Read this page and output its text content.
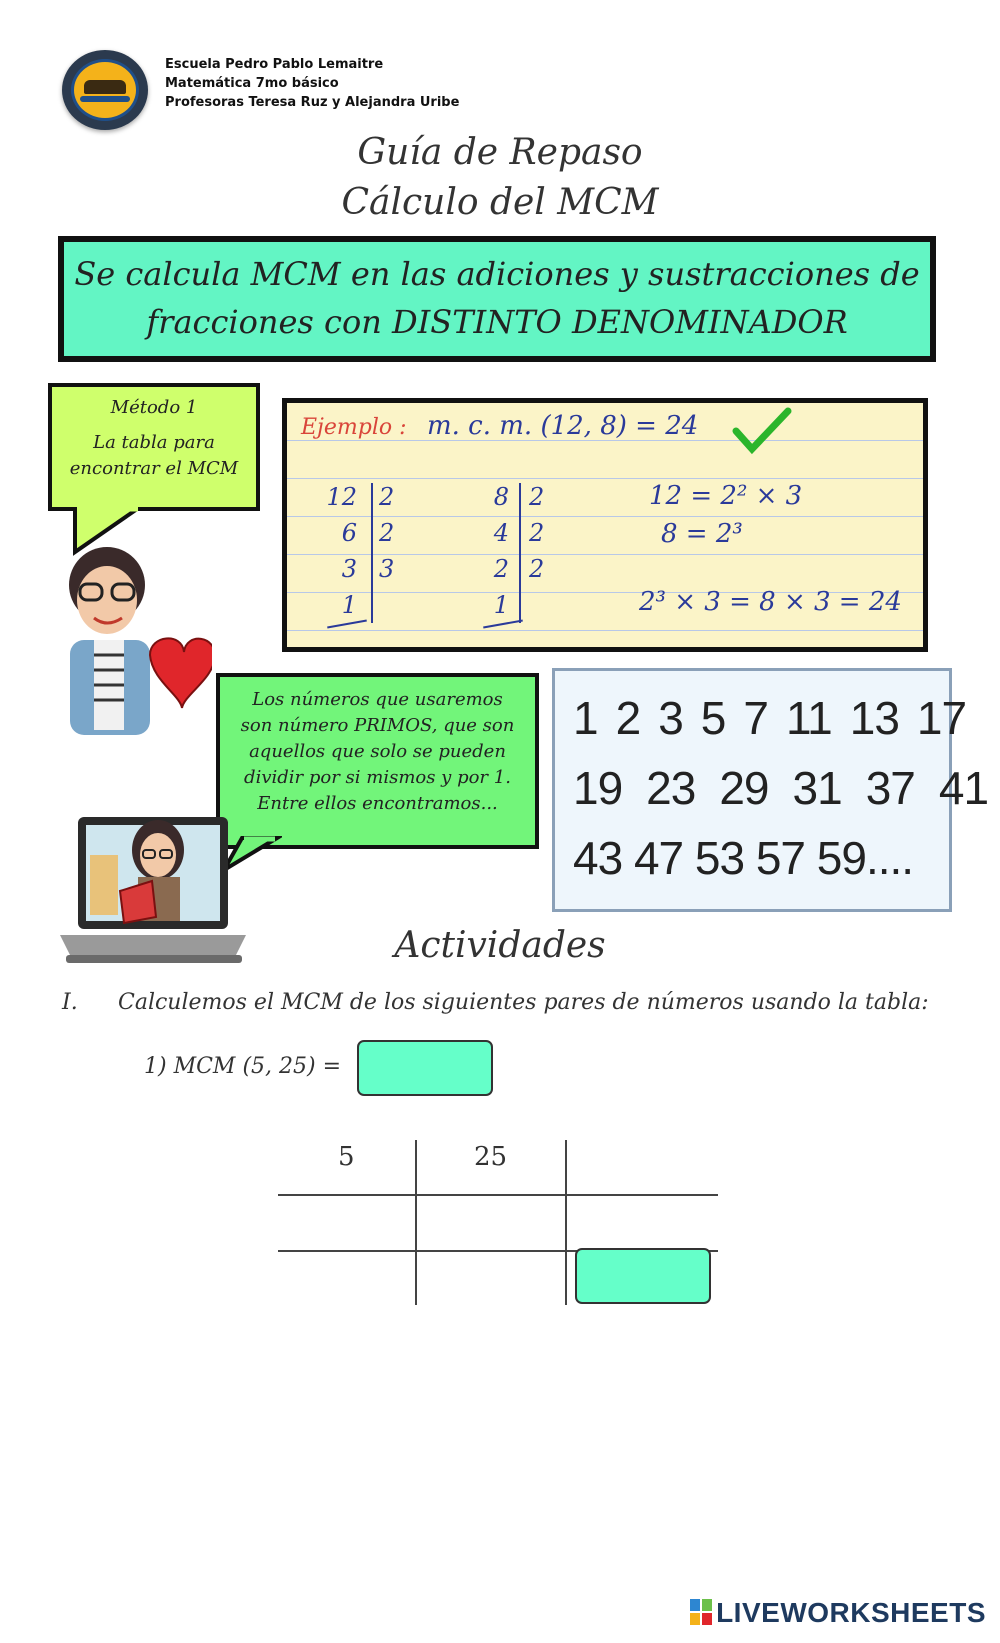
Escuela Pedro Pablo Lemaitre
Matemática 7mo básico
Profesoras Teresa Ruz y Alejandra Uribe
Guía de Repaso
Cálculo del MCM
Se calcula MCM en las adiciones y sustracciones de
fracciones con DISTINTO DENOMINADOR
Método 1
La tabla para
encontrar el MCM
Ejemplo : m. c. m. (12, 8) = 24
12
6
3
1
2
2
3
8
4
2
1
2
2
2
12 = 2² × 3
8 = 2³
2³ × 3 = 8 × 3 = 24
Los números que usaremos
son número PRIMOS, que son
aquellos que solo se pueden
dividir por si mismos y por 1.
Entre ellos encontramos...
1 2 3 5 7 11 13 17
19 23 29 31 37 41
43 47 53 57 59....
Actividades
I. Calculemos el MCM de los siguientes pares de números usando la tabla:
1) MCM (5, 25) =
5	25
LIVEWORKSHEETS
